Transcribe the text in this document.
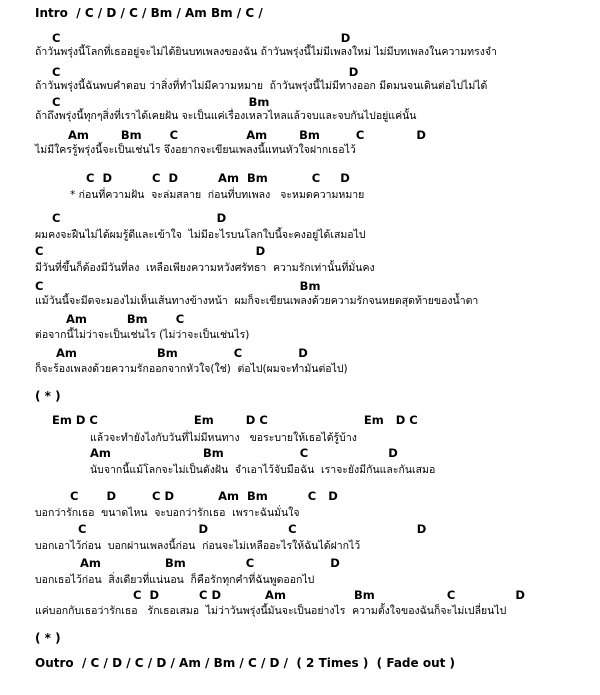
Intro  / C / D / C / Bm / Am Bm / C /
C                                                                      D
ถ้าวันพรุ่งนี้โลกที่เธออยู่จะไม่ได้ยินบทเพลงของฉัน ถ้าวันพรุ่งนี้ไม่มีเพลงใหม่ ไม่มีบทเพลงในความทรงจำ
C                                                                        D
ถ้าวันพรุ่งนี้ฉันพบคำตอบ ว่าสิ่งที่ทำไม่มีความหมาย  ถ้าวันพรุ่งนี้ไม่มีทางออก มีดมนจนเดินต่อไปไม่ได้
C                                               Bm
ถ้าถึงพรุ่งนี้ทุกๆสิ่งที่เราได้เคยฝัน จะเป็นแค่เรื่องเหลวไหลแล้วจบและจบกันไปอยู่แค่นั้น
Am        Bm       C                 Am        Bm         C             D
ไม่มีใครรู้พรุ่งนี้จะเป็นเช่นไร จึงอยากจะเขียนเพลงนี้แทนหัวใจฝากเธอไว้
C  D          C  D          Am  Bm           C     D
* ก่อนที่ความฝัน  จะล่มสลาย  ก่อนที่บทเพลง   จะหมดความหมาย
C                                       D
ผมคงจะฝืนไม่ได้ผมรู้ดีและเข้าใจ  ไม่มีอะไรบนโลกใบนี้จะคงอยู่ได้เสมอไป
C                                                     D
มีวันที่ขึ้นก็ต้องมีวันที่ลง  เหลือเพียงความหวังศรัทธา  ความรักเท่านั้นที่มั่นคง
C                                                                Bm
แม้วันนี้จะมีดจะมองไม่เห็นเส้นทางข้างหน้า  ผมก็จะเขียนเพลงด้วยความรักจนหยดสุดท้ายของน้ำตา
Am          Bm       C
ต่อจากนี้ไม่ว่าจะเป็นเช่นไร (ไม่ว่าจะเป็นเช่นไร)
Am                    Bm              C              D
ก็จะร้องเพลงด้วยความรักออกจากหัวใจ(ใช่)  ต่อไป(ผมจะทำมันต่อไป)
( * )
Em D C                        Em        D C                        Em   D C
แล้วจะทำยังไงกับวันที่ไม่มีหนทาง   ขอระบายให้เธอได้รู้บ้าง
Am                       Bm                   C                    D
นับจากนี้แม้โลกจะไม่เป็นดังฝัน  จำเอาไว้จับมือฉัน  เราจะยังมีกันและกันเสมอ
C       D         C D           Am  Bm          C   D
บอกว่ารักเธอ  ขนาดไหน  จะบอกว่ารักเธอ  เพราะฉันมั่นใจ
C                            D                    C                              D
บอกเอาไว้ก่อน  บอกผ่านเพลงนี้ก่อน  ก่อนจะไม่เหลืออะไรให้ฉันได้ฝากไว้
Am                Bm               C                   D
บอกเธอไว้ก่อน  สิ่งเดียวที่แน่นอน  ก็คือรักทุกคำที่ฉันพูดออกไป
C  D          C D           Am                 Bm                  C               D
แค่บอกกับเธอว่ารักเธอ   รักเธอเสมอ  ไม่ว่าวันพรุ่งนี้มันจะเป็นอย่างไร  ความตั้งใจของฉันก็จะไม่เปลี่ยนไป
( * )
Outro  / C / D / C / D / Am / Bm / C / D /  ( 2 Times )  ( Fade out )
